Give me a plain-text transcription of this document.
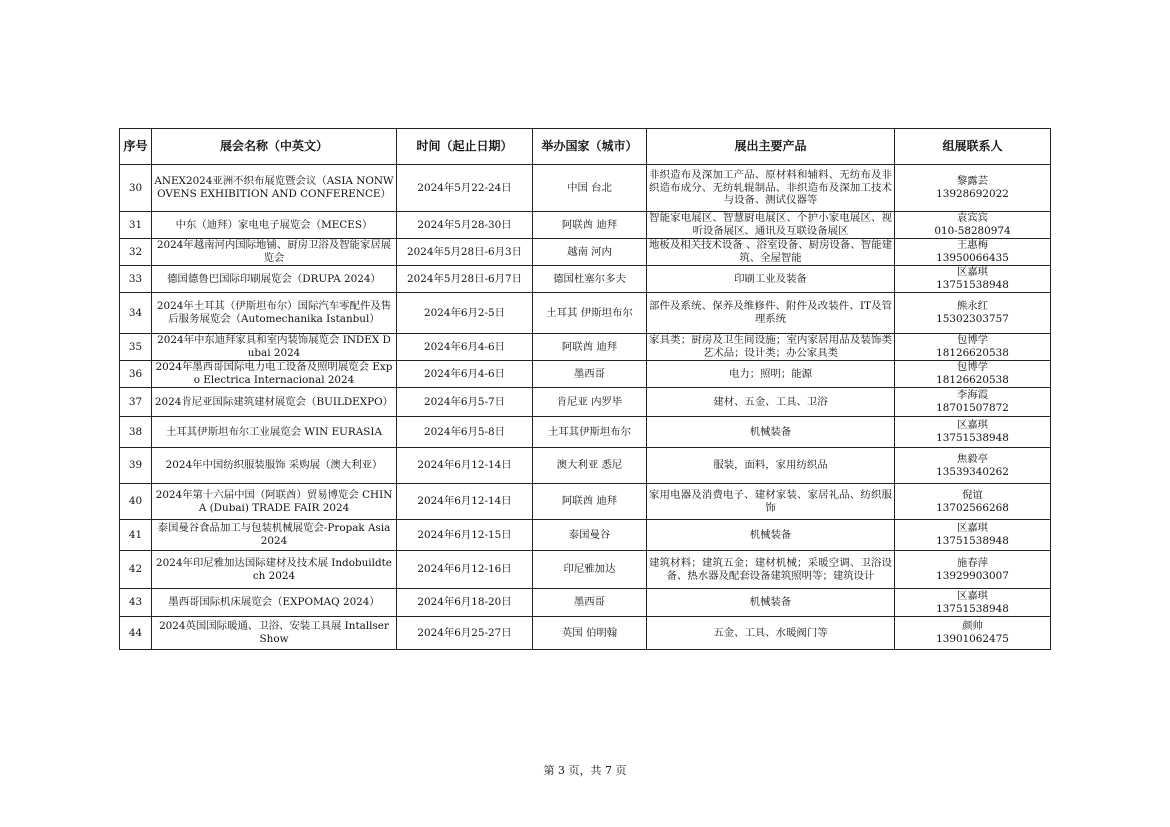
序号	展会名称（中英文）	时间（起止日期）	举办国家（城市）	展出主要产品	组展联系人
30	ANEX2024亚洲不织布展览暨会议（ASIA NONWOVENS EXHIBITION AND CONFERENCE）	2024年5月22-24日	中国 台北	非织造布及深加工产品、原材料和辅料、无纺布及非织造布成分、无纺轧辊制品、非织造布及深加工技术与设备、测试仪器等	黎露芸
13928692022

31	中东（迪拜）家电电子展览会（MECES）	2024年5月28-30日	阿联酋 迪拜	智能家电展区、智慧厨电展区、个护小家电展区、视听设备展区、通讯及互联设备展区	袁宾宾
010-58280974

32	2024年越南河内国际地铺、厨房卫浴及智能家居展览会	2024年5月28日-6月3日	越南 河内	地板及相关技术设备 、浴室设备、厨房设备、智能建筑、全屋智能	王惠梅
13950066435

33	德国德鲁巴国际印刷展览会（DRUPA 2024）	2024年5月28日-6月7日	德国杜塞尔多夫	印刷工业及装备	区嘉琪
13751538948

34	2024年土耳其（伊斯坦布尔）国际汽车零配件及售后服务展览会（Automechanika Istanbul）	2024年6月2-5日	土耳其 伊斯坦布尔	部件及系统、保养及维修件、附件及改装件、IT及管理系统	熊永红
15302303757

35	2024年中东迪拜家具和室内装饰展览会 INDEX Dubai 2024	2024年6月4-6日	阿联酋 迪拜	家具类；厨房及卫生间设施；室内家居用品及装饰类艺术品；设计类；办公家具类	包博学
18126620538

36	2024年墨西哥国际电力电工设备及照明展览会 Expo Electrica Internacional 2024	2024年6月4-6日	墨西哥	电力；照明；能源	包博学
18126620538

37	2024肯尼亚国际建筑建材展览会（BUILDEXPO）	2024年6月5-7日	肯尼亚 内罗毕	建材、五金、工具、卫浴	李海霞
18701507872

38	土耳其伊斯坦布尔工业展览会 WIN EURASIA	2024年6月5-8日	土耳其伊斯坦布尔	机械装备	区嘉琪
13751538948

39	2024年中国纺织服装服饰 采购展（澳大利亚）	2024年6月12-14日	澳大利亚 悉尼	服装，面料，家用纺织品	焦毅亭
13539340262

40	2024年第十六届中国（阿联酋）贸易博览会 CHINA (Dubai) TRADE FAIR 2024	2024年6月12-14日	阿联酋 迪拜	家用电器及消费电子、建材家装、家居礼品、纺织服饰	倪谊
13702566268

41	泰国曼谷食品加工与包装机械展览会-Propak Asia 2024	2024年6月12-15日	泰国曼谷	机械装备	区嘉琪
13751538948

42	2024年印尼雅加达国际建材及技术展 Indobuildtech 2024	2024年6月12-16日	印尼雅加达	建筑材料；建筑五金；建材机械；采暖空调、卫浴设备、热水器及配套设备建筑照明等；建筑设计	施春萍
13929903007

43	墨西哥国际机床展览会（EXPOMAQ 2024）	2024年6月18-20日	墨西哥	机械装备	区嘉琪
13751538948

44	2024英国国际暖通、卫浴、安装工具展 Intallser Show	2024年6月25-27日	英国 伯明翰	五金、工具、水暖阀门等	颜帅
13901062475
第 3 页，共 7 页
